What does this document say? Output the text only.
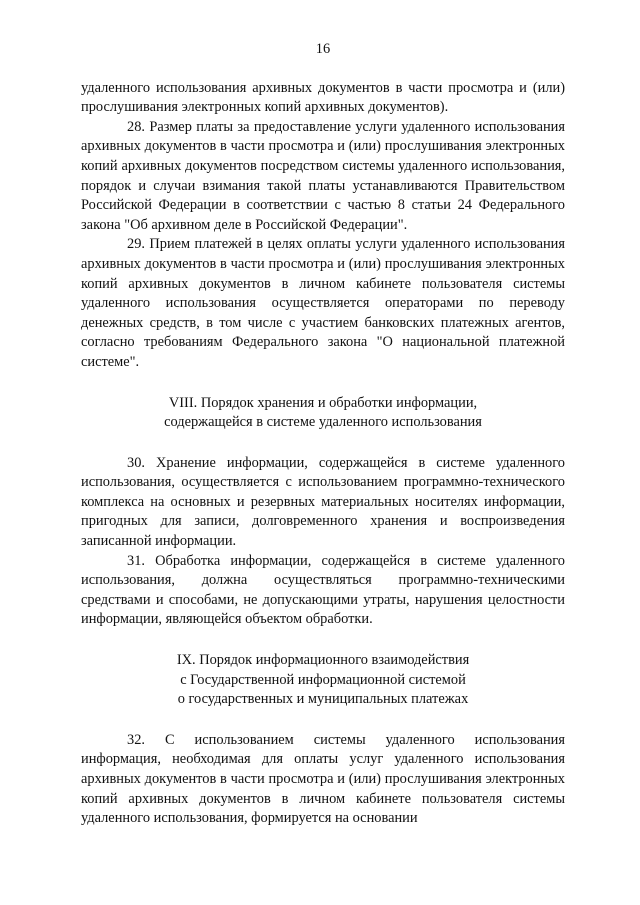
16

удаленного использования архивных документов в части просмотра и (или) прослушивания электронных копий архивных документов).

28. Размер платы за предоставление услуги удаленного использования архивных документов в части просмотра и (или) прослушивания электронных копий архивных документов посредством системы удаленного использования, порядок и случаи взимания такой платы устанавливаются Правительством Российской Федерации в соответствии с частью 8 статьи 24 Федерального закона "Об архивном деле в Российской Федерации".

29. Прием платежей в целях оплаты услуги удаленного использования архивных документов в части просмотра и (или) прослушивания электронных копий архивных документов в личном кабинете пользователя системы удаленного использования осуществляется операторами по переводу денежных средств, в том числе с участием банковских платежных агентов, согласно требованиям Федерального закона "О национальной платежной системе".

VIII. Порядок хранения и обработки информации,
содержащейся в системе удаленного использования

30. Хранение информации, содержащейся в системе удаленного использования, осуществляется с использованием программно-технического комплекса на основных и резервных материальных носителях информации, пригодных для записи, долговременного хранения и воспроизведения записанной информации.

31. Обработка информации, содержащейся в системе удаленного использования, должна осуществляться программно-техническими средствами и способами, не допускающими утраты, нарушения целостности информации, являющейся объектом обработки.

IX. Порядок информационного взаимодействия
с Государственной информационной системой
о государственных и муниципальных платежах

32. С использованием системы удаленного использования информация, необходимая для оплаты услуг удаленного использования архивных документов в части просмотра и (или) прослушивания электронных копий архивных документов в личном кабинете пользователя системы удаленного использования, формируется на основании
